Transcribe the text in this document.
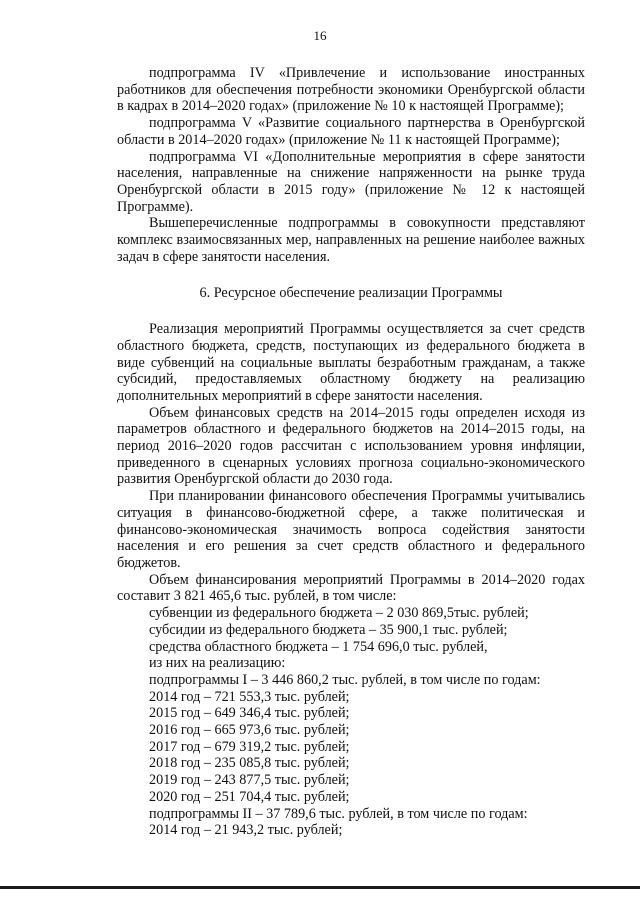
16

подпрограмма IV «Привлечение и использование иностранных работников для обеспечения потребности экономики Оренбургской области в кадрах в 2014–2020 годах» (приложение № 10 к настоящей Программе);

подпрограмма V «Развитие социального партнерства в Оренбургской области в 2014–2020 годах» (приложение № 11 к настоящей Программе);

подпрограмма VI «Дополнительные мероприятия в сфере занятости населения, направленные на снижение напряженности на рынке труда Оренбургской области в 2015 году» (приложение № 12 к настоящей Программе).

Вышеперечисленные подпрограммы в совокупности представляют комплекс взаимосвязанных мер, направленных на решение наиболее важных задач в сфере занятости населения.

6. Ресурсное обеспечение реализации Программы

Реализация мероприятий Программы осуществляется за счет средств областного бюджета, средств, поступающих из федерального бюджета в виде субвенций на социальные выплаты безработным гражданам, а также субсидий, предоставляемых областному бюджету на реализацию дополнительных мероприятий в сфере занятости населения.

Объем финансовых средств на 2014–2015 годы определен исходя из параметров областного и федерального бюджетов на 2014–2015 годы, на период 2016–2020 годов рассчитан с использованием уровня инфляции, приведенного в сценарных условиях прогноза социально-экономического развития Оренбургской области до 2030 года.

При планировании финансового обеспечения Программы учитывались ситуация в финансово-бюджетной сфере, а также политическая и финансово-экономическая значимость вопроса содействия занятости населения и его решения за счет средств областного и федерального бюджетов.

Объем финансирования мероприятий Программы в 2014–2020 годах составит 3 821 465,6 тыс. рублей, в том числе:

субвенции из федерального бюджета – 2 030 869,5тыс. рублей;

субсидии из федерального бюджета – 35 900,1 тыс. рублей;

средства областного бюджета – 1 754 696,0 тыс. рублей,

из них на реализацию:

подпрограммы I – 3 446 860,2 тыс. рублей, в том числе по годам:

2014 год – 721 553,3 тыс. рублей;

2015 год – 649 346,4 тыс. рублей;

2016 год – 665 973,6 тыс. рублей;

2017 год – 679 319,2 тыс. рублей;

2018 год – 235 085,8 тыс. рублей;

2019 год – 243 877,5 тыс. рублей;

2020 год – 251 704,4 тыс. рублей;

подпрограммы II – 37 789,6 тыс. рублей, в том числе по годам:

2014 год – 21 943,2 тыс. рублей;
